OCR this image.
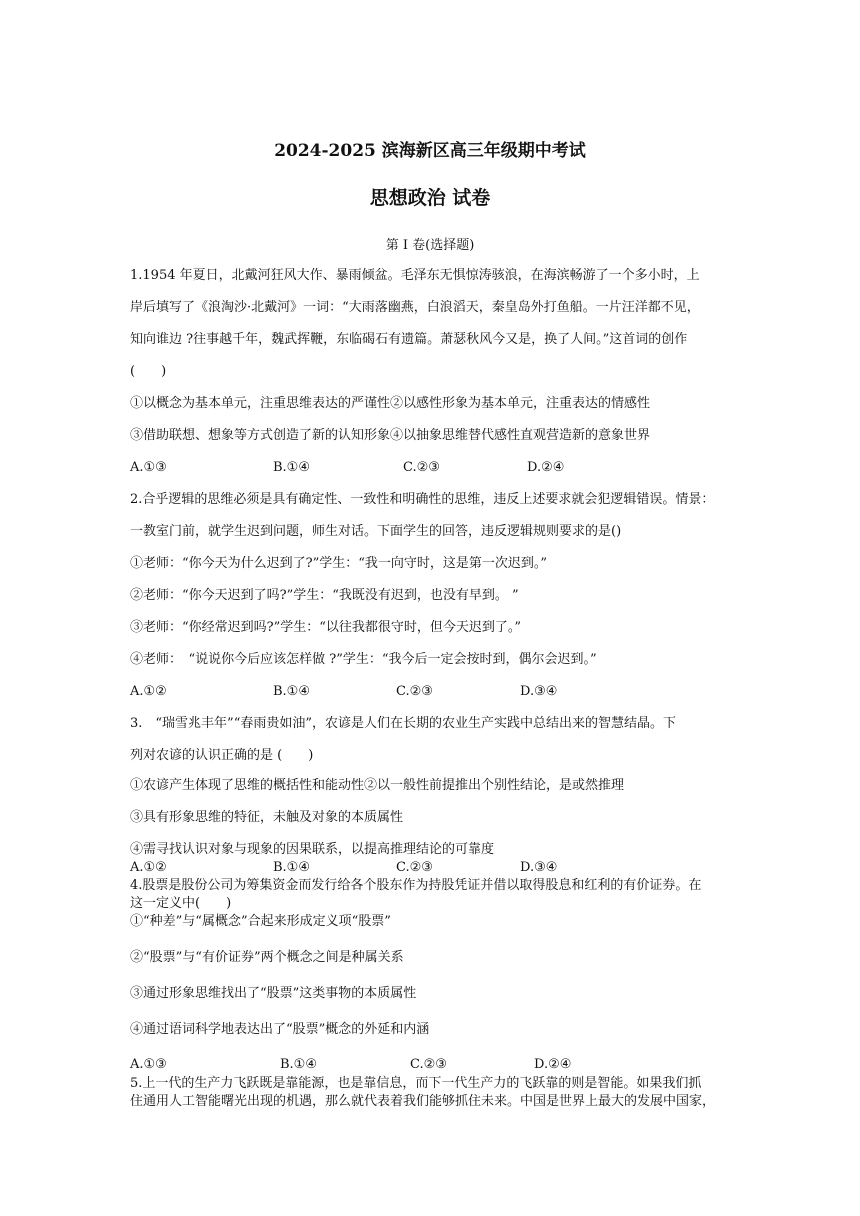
2024-2025 滨海新区高三年级期中考试
思想政治 试卷
第 I 卷(选择题)
1.1954 年夏日，北戴河狂风大作、暴雨倾盆。毛泽东无惧惊涛骇浪，在海滨畅游了一个多小时，上
岸后填写了《浪淘沙·北戴河》一词：“大雨落幽燕，白浪滔天，秦皇岛外打鱼船。一片汪洋都不见，
知向谁边 ?往事越千年，魏武挥鞭，东临碣石有遗篇。萧瑟秋风今又是，换了人间。”这首词的创作
(　　)
①以概念为基本单元，注重思维表达的严谨性②以感性形象为基本单元，注重表达的情感性
③借助联想、想象等方式创造了新的认知形象④以抽象思维替代感性直观营造新的意象世界
A.①③	B.①④	C.②③	D.②④
2.合乎逻辑的思维必须是具有确定性、一致性和明确性的思维，违反上述要求就会犯逻辑错误。情景：
一教室门前，就学生迟到问题，师生对话。下面学生的回答，违反逻辑规则要求的是()
①老师：“你今天为什么迟到了?”学生：“我一向守时，这是第一次迟到。”
②老师：“你今天迟到了吗?”学生：“我既没有迟到，也没有早到。 ”
③老师：“你经常迟到吗?”学生：“以往我都很守时，但今天迟到了。”
④老师：　“说说你今后应该怎样做 ?”学生：“我今后一定会按时到，偶尔会迟到。”
A.①②	B.①④	C.②③	D.③④
3.　“瑞雪兆丰年”“春雨贵如油”，农谚是人们在长期的农业生产实践中总结出来的智慧结晶。下
列对农谚的认识正确的是 (　　)
①农谚产生体现了思维的概括性和能动性②以一般性前提推出个别性结论，是或然推理
③具有形象思维的特征，未触及对象的本质属性
④需寻找认识对象与现象的因果联系，以提高推理结论的可靠度
A.①②	B.①④	C.②③	D.③④
4.股票是股份公司为筹集资金而发行给各个股东作为持股凭证并借以取得股息和红利的有价证券。在
这一定义中(　　)
①“种差”与“属概念”合起来形成定义项“股票”
②“股票”与“有价证券”两个概念之间是种属关系
③通过形象思维找出了“股票”这类事物的本质属性
④通过语词科学地表达出了“股票”概念的外延和内涵
A.①③	B.①④	C.②③	D.②④
5.上一代的生产力飞跃既是靠能源，也是靠信息，而下一代生产力的飞跃靠的则是智能。如果我们抓
住通用人工智能曙光出现的机遇，那么就代表着我们能够抓住未来。中国是世界上最大的发展中国家，
